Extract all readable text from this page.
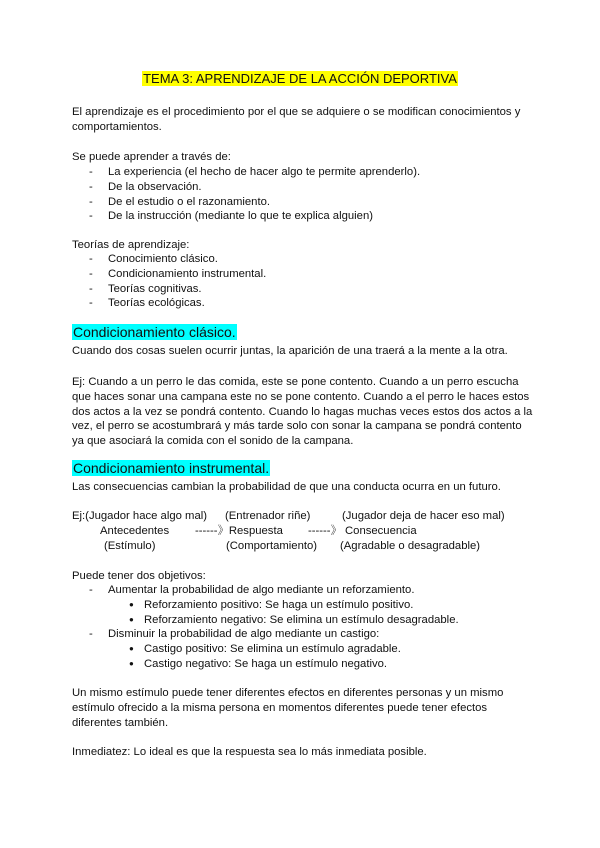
TEMA 3: APRENDIZAJE DE LA ACCIÓN DEPORTIVA

El aprendizaje es el procedimiento por el que se adquiere o se modifican conocimientos y comportamientos.

Se puede aprender a través de:

- La experiencia (el hecho de hacer algo te permite aprenderlo).
- De la observación.
- De el estudio o el razonamiento.
- De la instrucción (mediante lo que te explica alguien)

Teorías de aprendizaje:

- Conocimiento clásico.
- Condicionamiento instrumental.
- Teorías cognitivas.
- Teorías ecológicas.
Condicionamiento clásico.

Cuando dos cosas suelen ocurrir juntas, la aparición de una traerá a la mente a la otra.

Ej: Cuando a un perro le das comida, este se pone contento. Cuando a un perro escucha que haces sonar una campana este no se pone contento. Cuando a el perro le haces estos dos actos a la vez se pondrá contento. Cuando lo hagas muchas veces estos dos actos a la vez, el perro se acostumbrará y más tarde solo con sonar la campana se pondrá contento ya que asociará la comida con el sonido de la campana.

Condicionamiento instrumental.

Las consecuencias cambian la probabilidad de que una conducta ocurra en un futuro.

Ej:(Jugador hace algo mal) (Entrenador riñe)	(Jugador deja de hacer eso mal)
Antecedentes ------》Respuesta ------》 Consecuencia
(Estímulo)	(Comportamiento) (Agradable o desagradable)

Puede tener dos objetivos:

- Aumentar la probabilidad de algo mediante un reforzamiento.
● Reforzamiento positivo: Se haga un estímulo positivo.
● Reforzamiento negativo: Se elimina un estímulo desagradable.
- Disminuir la probabilidad de algo mediante un castigo:
● Castigo positivo: Se elimina un estímulo agradable.
● Castigo negativo: Se haga un estímulo negativo.

Un mismo estímulo puede tener diferentes efectos en diferentes personas y un mismo estímulo ofrecido a la misma persona en momentos diferentes puede tener efectos diferentes también.

Inmediatez: Lo ideal es que la respuesta sea lo más inmediata posible.
